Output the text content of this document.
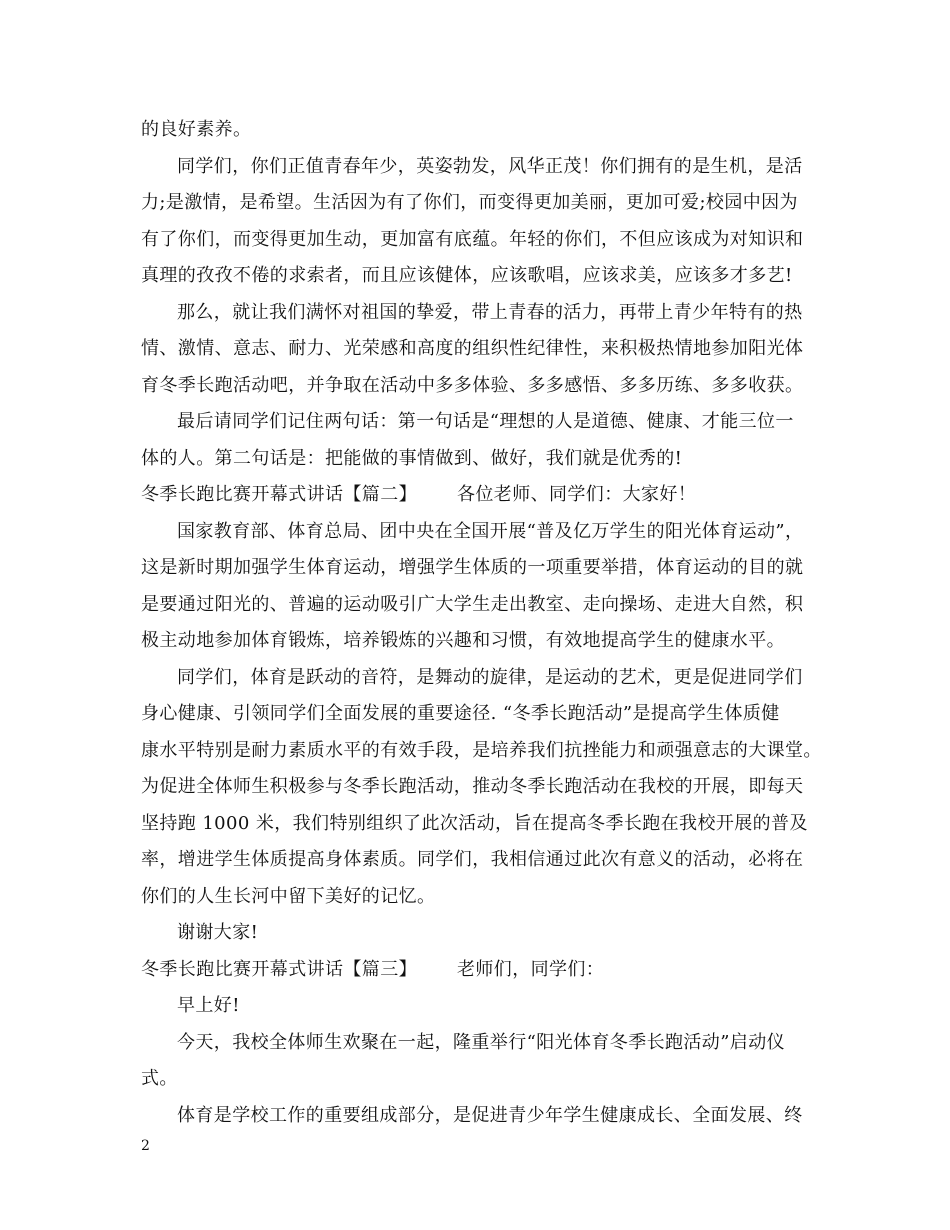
的良好素养。
同学们，你们正值青春年少，英姿勃发，风华正茂！你们拥有的是生机，是活
力;是激情，是希望。生活因为有了你们，而变得更加美丽，更加可爱;校园中因为
有了你们，而变得更加生动，更加富有底蕴。年轻的你们，不但应该成为对知识和
真理的孜孜不倦的求索者，而且应该健体，应该歌唱，应该求美，应该多才多艺!
那么，就让我们满怀对祖国的挚爱，带上青春的活力，再带上青少年特有的热
情、激情、意志、耐力、光荣感和高度的组织性纪律性，来积极热情地参加阳光体
育冬季长跑活动吧，并争取在活动中多多体验、多多感悟、多多历练、多多收获。
最后请同学们记住两句话：第一句话是“理想的人是道德、健康、才能三位一
体的人。第二句话是：把能做的事情做到、做好，我们就是优秀的!
冬季长跑比赛开幕式讲话【篇二】 各位老师、同学们：大家好！
国家教育部、体育总局、团中央在全国开展“普及亿万学生的阳光体育运动”，
这是新时期加强学生体育运动，增强学生体质的一项重要举措，体育运动的目的就
是要通过阳光的、普遍的运动吸引广大学生走出教室、走向操场、走进大自然，积
极主动地参加体育锻炼，培养锻炼的兴趣和习惯，有效地提高学生的健康水平。
同学们，体育是跃动的音符，是舞动的旋律，是运动的艺术，更是促进同学们
身心健康、引领同学们全面发展的重要途径. “冬季长跑活动”是提高学生体质健
康水平特别是耐力素质水平的有效手段，是培养我们抗挫能力和顽强意志的大课堂。
为促进全体师生积极参与冬季长跑活动，推动冬季长跑活动在我校的开展，即每天
坚持跑 1000 米，我们特别组织了此次活动，旨在提高冬季长跑在我校开展的普及
率，增进学生体质提高身体素质。同学们，我相信通过此次有意义的活动，必将在
你们的人生长河中留下美好的记忆。
谢谢大家!
冬季长跑比赛开幕式讲话【篇三】 老师们，同学们：
早上好!
今天，我校全体师生欢聚在一起，隆重举行“阳光体育冬季长跑活动”启动仪
式。
体育是学校工作的重要组成部分，是促进青少年学生健康成长、全面发展、终
2
